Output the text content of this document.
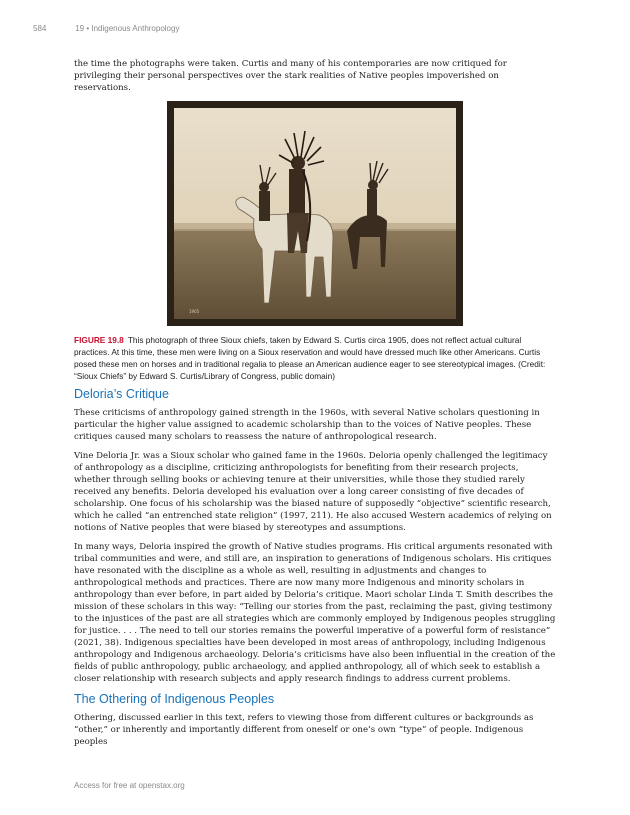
584	19 • Indigenous Anthropology

the time the photographs were taken. Curtis and many of his contemporaries are now critiqued for privileging their personal perspectives over the stark realities of Native peoples impoverished on reservations.

1905

FIGURE 19.8 This photograph of three Sioux chiefs, taken by Edward S. Curtis circa 1905, does not reflect actual cultural practices. At this time, these men were living on a Sioux reservation and would have dressed much like other Americans. Curtis posed these men on horses and in traditional regalia to please an American audience eager to see stereotypical images. (Credit: “Sioux Chiefs” by Edward S. Curtis/Library of Congress, public domain)

Deloria’s Critique

These criticisms of anthropology gained strength in the 1960s, with several Native scholars questioning in particular the higher value assigned to academic scholarship than to the voices of Native peoples. These critiques caused many scholars to reassess the nature of anthropological research.

Vine Deloria Jr. was a Sioux scholar who gained fame in the 1960s. Deloria openly challenged the legitimacy of anthropology as a discipline, criticizing anthropologists for benefiting from their research projects, whether through selling books or achieving tenure at their universities, while those they studied rarely received any benefits. Deloria developed his evaluation over a long career consisting of five decades of scholarship. One focus of his scholarship was the biased nature of supposedly “objective” scientific research, which he called “an entrenched state religion” (1997, 211). He also accused Western academics of relying on notions of Native peoples that were biased by stereotypes and assumptions.

In many ways, Deloria inspired the growth of Native studies programs. His critical arguments resonated with tribal communities and were, and still are, an inspiration to generations of Indigenous scholars. His critiques have resonated with the discipline as a whole as well, resulting in adjustments and changes to anthropological methods and practices. There are now many more Indigenous and minority scholars in anthropology than ever before, in part aided by Deloria’s critique. Maori scholar Linda T. Smith describes the mission of these scholars in this way: “Telling our stories from the past, reclaiming the past, giving testimony to the injustices of the past are all strategies which are commonly employed by Indigenous peoples struggling for justice. . . . The need to tell our stories remains the powerful imperative of a powerful form of resistance” (2021, 38). Indigenous specialties have been developed in most areas of anthropology, including Indigenous anthropology and Indigenous archaeology. Deloria’s criticisms have also been influential in the creation of the fields of public anthropology, public archaeology, and applied anthropology, all of which seek to establish a closer relationship with research subjects and apply research findings to address current problems.

The Othering of Indigenous Peoples

Othering, discussed earlier in this text, refers to viewing those from different cultures or backgrounds as “other,” or inherently and importantly different from oneself or one’s own “type” of people. Indigenous peoples

Access for free at openstax.org
